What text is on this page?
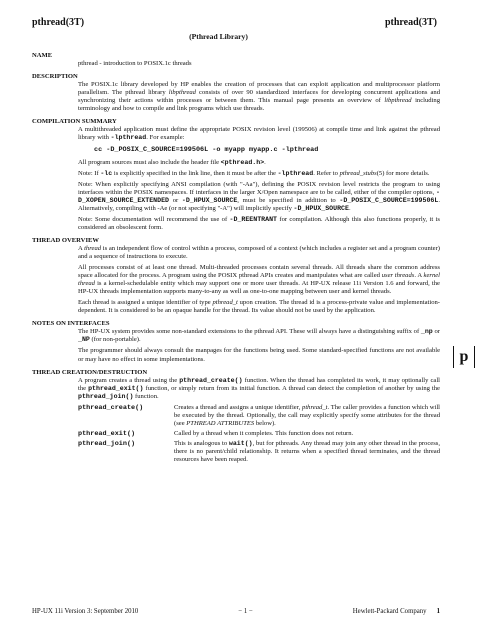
pthread(3T)	pthread(3T)
(Pthread Library)
NAME

pthread - introduction to POSIX.1c threads

DESCRIPTION

The POSIX.1c library developed by HP enables the creation of processes that can exploit application and multiprocessor platform parallelism. The pthread library libpthread consists of over 90 standardized interfaces for developing concurrent applications and synchronizing their actions within processes or between them. This manual page presents an overview of libpthread including terminology and how to compile and link programs which use threads.

COMPILATION SUMMARY

A multithreaded application must define the appropriate POSIX revision level (199506) at compile time and link against the pthread library with -lpthread. For example:

cc -D_POSIX_C_SOURCE=199506L -o myapp myapp.c -lpthread

All program sources must also include the header file <pthread.h>.

Note: If -lc is explicitly specified in the link line, then it must be after the -lpthread. Refer to pthread_stubs(5) for more details.

Note: When explicitly specifying ANSI compilation (with "-Aa"), defining the POSIX revision level restricts the program to using interfaces within the POSIX namespaces. If interfaces in the larger X/Open namespace are to be called, either of the compiler options, -D_XOPEN_SOURCE_EXTENDED or -D_HPUX_SOURCE, must be specified in addition to -D_POSIX_C_SOURCE=199506L. Alternatively, compiling with -Ae (or not specifying "-A") will implicitly specify -D_HPUX_SOURCE.

Note: Some documentation will recommend the use of -D_REENTRANT for compilation. Although this also functions properly, it is considered an obsolescent form.

THREAD OVERVIEW

A thread is an independent flow of control within a process, composed of a context (which includes a register set and a program counter) and a sequence of instructions to execute.

All processes consist of at least one thread. Multi-threaded processes contain several threads. All threads share the common address space allocated for the process. A program using the POSIX pthread APIs creates and manipulates what are called user threads. A kernel thread is a kernel-schedulable entity which may support one or more user threads. At HP-UX release 11i Version 1.6 and forward, the HP-UX threads implementation supports many-to-any as well as one-to-one mapping between user and kernel threads.

Each thread is assigned a unique identifier of type pthread_t upon creation. The thread id is a process-private value and implementation-dependent. It is considered to be an opaque handle for the thread. Its value should not be used by the application.

NOTES ON INTERFACES

The HP-UX system provides some non-standard extensions to the pthread API. These will always have a distinguishing suffix of _np or _NP (for non-portable).

The programmer should always consult the manpages for the functions being used. Some standard-specified functions are not available or may have no effect in some implementations.

THREAD CREATION/DESTRUCTION

A program creates a thread using the pthread_create() function. When the thread has completed its work, it may optionally call the pthread_exit() function, or simply return from its initial function. A thread can detect the completion of another by using the pthread_join() function.

pthread_create()	Creates a thread and assigns a unique identifier, pthread_t. The caller provides a function which will be executed by the thread. Optionally, the call may explicitly specify some attributes for the thread (see PTHREAD ATTRIBUTES below).
pthread_exit()	Called by a thread when it completes. This function does not return.
pthread_join()	This is analogous to wait(), but for pthreads. Any thread may join any other thread in the process, there is no parent/child relationship. It returns when a specified thread terminates, and the thread resources have been reaped.
p
HP-UX 11i Version 3: September 2010	− 1 −	Hewlett-Packard Company 1
